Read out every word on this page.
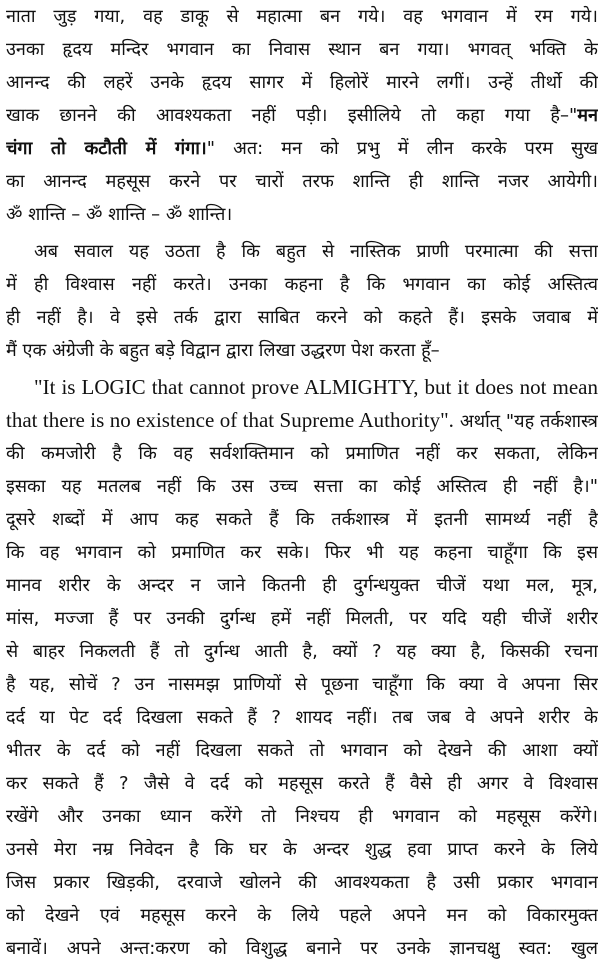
नाता जुड़ गया, वह डाकू से महात्मा बन गये। वह भगवान में रम गये।
उनका हृदय मन्दिर भगवान का निवास स्थान बन गया। भगवत् भक्ति के
आनन्द की लहरें उनके हृदय सागर में हिलोरें मारने लगीं। उन्हें तीर्थो की
खाक छानने की आवश्यकता नहीं पड़ी। इसीलिये तो कहा गया है–"मन
चंगा तो कटौती में गंगा।" अत: मन को प्रभु में लीन करके परम सुख
का आनन्द महसूस करने पर चारों तरफ शान्ति ही शान्ति नजर आयेगी।
ॐ शान्ति – ॐ शान्ति – ॐ शान्ति।
अब सवाल यह उठता है कि बहुत से नास्तिक प्राणी परमात्मा की सत्ता
में ही विश्वास नहीं करते। उनका कहना है कि भगवान का कोई अस्तित्व
ही नहीं है। वे इसे तर्क द्वारा साबित करने को कहते हैं। इसके जवाब में
मैं एक अंग्रेजी के बहुत बड़े विद्वान द्वारा लिखा उद्धरण पेश करता हूँ–
"It is LOGIC that cannot prove ALMIGHTY, but it does not mean
that there is no existence of that Supreme Authority". अर्थात् "यह तर्कशास्त्र
की कमजोरी है कि वह सर्वशक्तिमान को प्रमाणित नहीं कर सकता, लेकिन
इसका यह मतलब नहीं कि उस उच्च सत्ता का कोई अस्तित्व ही नहीं है।"
दूसरे शब्दों में आप कह सकते हैं कि तर्कशास्त्र में इतनी सामर्थ्य नहीं है
कि वह भगवान को प्रमाणित कर सके। फिर भी यह कहना चाहूँगा कि इस
मानव शरीर के अन्दर न जाने कितनी ही दुर्गन्धयुक्त चीजें यथा मल, मूत्र,
मांस, मज्जा हैं पर उनकी दुर्गन्ध हमें नहीं मिलती, पर यदि यही चीजें शरीर
से बाहर निकलती हैं तो दुर्गन्ध आती है, क्यों ? यह क्या है, किसकी रचना
है यह, सोचें ? उन नासमझ प्राणियों से पूछना चाहूँगा कि क्या वे अपना सिर
दर्द या पेट दर्द दिखला सकते हैं ? शायद नहीं। तब जब वे अपने शरीर के
भीतर के दर्द को नहीं दिखला सकते तो भगवान को देखने की आशा क्यों
कर सकते हैं ? जैसे वे दर्द को महसूस करते हैं वैसे ही अगर वे विश्वास
रखेंगे और उनका ध्यान करेंगे तो निश्चय ही भगवान को महसूस करेंगे।
उनसे मेरा नम्र निवेदन है कि घर के अन्दर शुद्ध हवा प्राप्त करने के लिये
जिस प्रकार खिड़की, दरवाजे खोलने की आवश्यकता है उसी प्रकार भगवान
को देखने एवं महसूस करने के लिये पहले अपने मन को विकारमुक्त
बनावें। अपने अन्त:करण को विशुद्ध बनाने पर उनके ज्ञानचक्षु स्वत: खुल
